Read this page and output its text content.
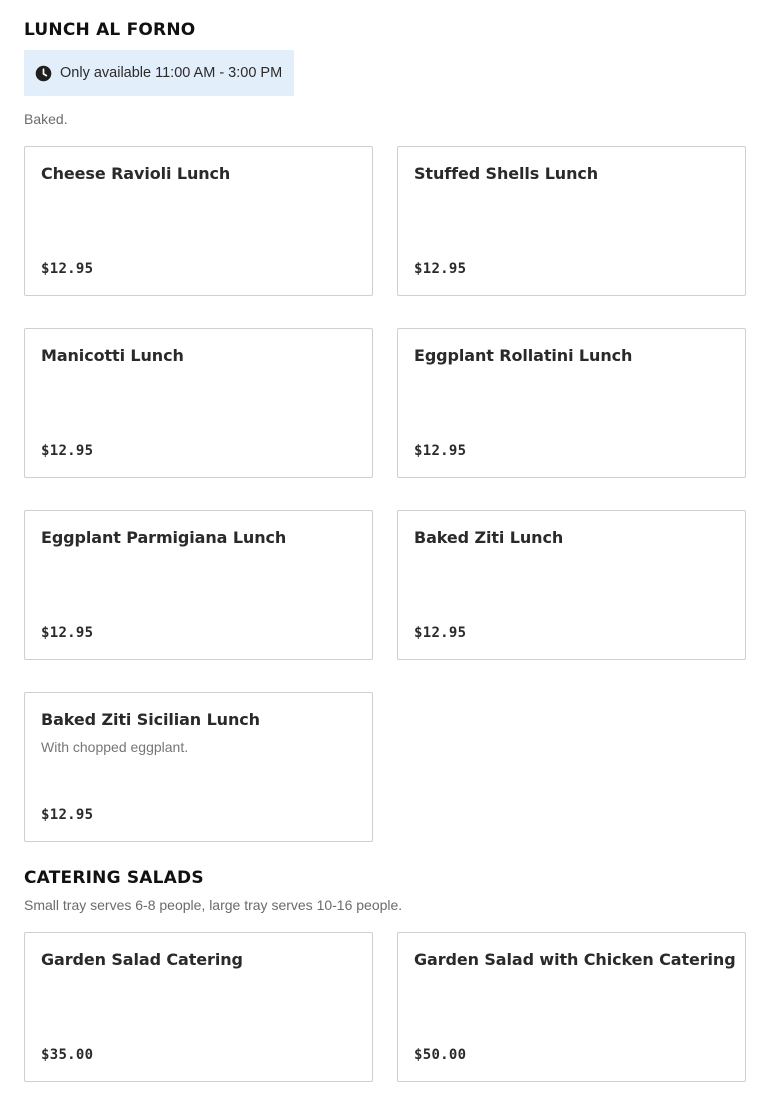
LUNCH AL FORNO
Only available 11:00 AM - 3:00 PM
Baked.
Cheese Ravioli Lunch
$12.95
Stuffed Shells Lunch
$12.95
Manicotti Lunch
$12.95
Eggplant Rollatini Lunch
$12.95
Eggplant Parmigiana Lunch
$12.95
Baked Ziti Lunch
$12.95
Baked Ziti Sicilian Lunch
With chopped eggplant.
$12.95
CATERING SALADS
Small tray serves 6-8 people, large tray serves 10-16 people.
Garden Salad Catering
$35.00
Garden Salad with Chicken Catering
$50.00
